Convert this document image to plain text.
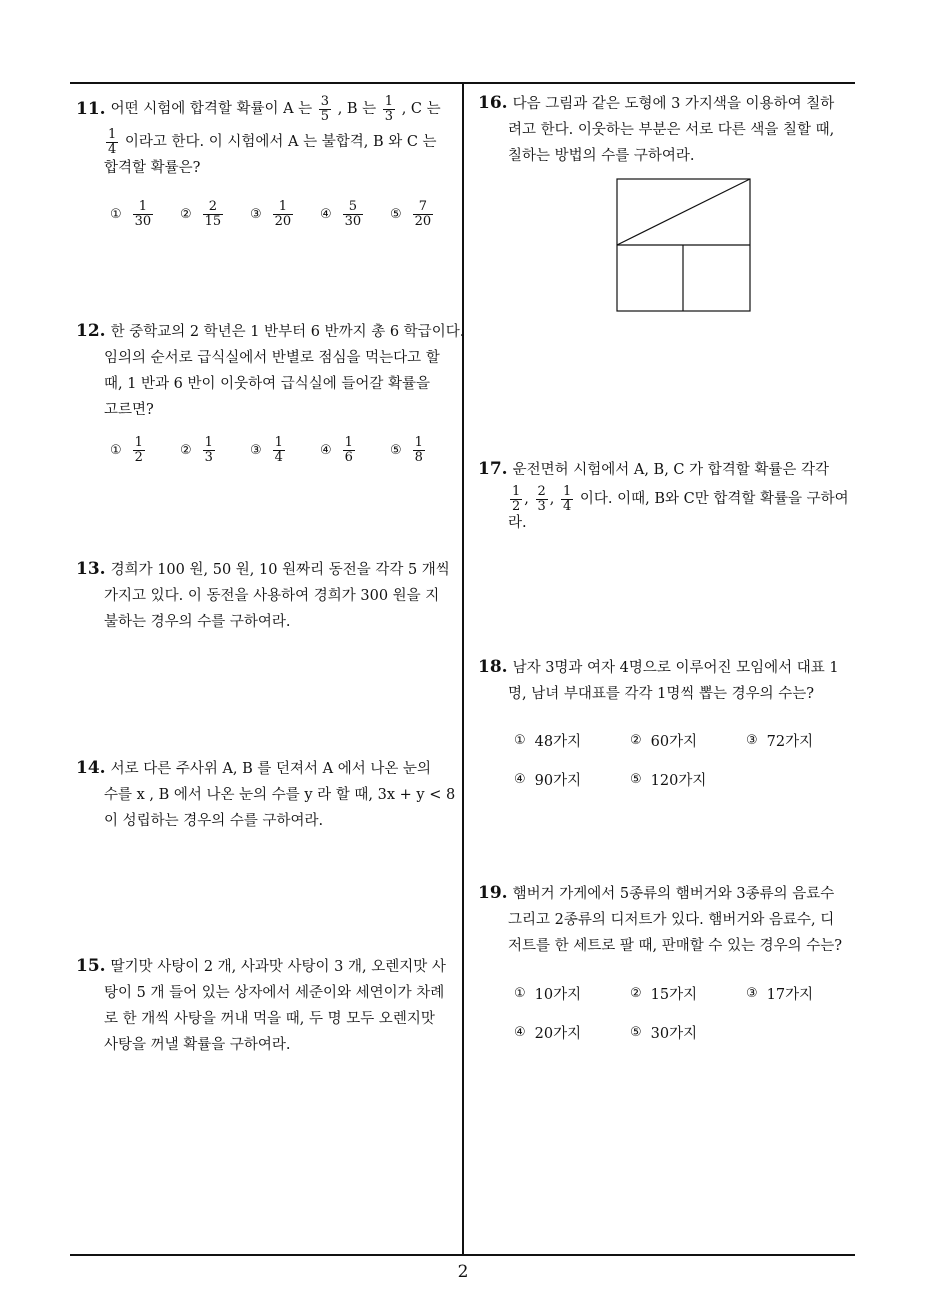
11. 어떤 시험에 합격할 확률이 A 는
$\frac{3}{5}$
, B 는
$\frac{1}{3}$
, C 는
$\frac{1}{4}$
이라고 한다. 이 시험에서 A 는 불합격, B 와 C 는
합격할 확률은?
① $\frac{1}{30}$ ② $\frac{2}{15}$ ③ $\frac{1}{20}$ ④ $\frac{5}{30}$ ⑤ $\frac{7}{20}$
12. 한 중학교의 2 학년은 1 반부터 6 반까지 총 6 학급이다.
임의의 순서로 급식실에서 반별로 점심을 먹는다고 할
때, 1 반과 6 반이 이웃하여 급식실에 들어갈 확률을
고르면?
① $\frac{1}{2}$	② $\frac{1}{3}$	③ $\frac{1}{4}$	④ $\frac{1}{6}$	⑤ $\frac{1}{8}$
13. 경희가 100 원, 50 원, 10 원짜리 동전을 각각 5 개씩
가지고 있다. 이 동전을 사용하여 경희가 300 원을 지
불하는 경우의 수를 구하여라.
14. 서로 다른 주사위 A, B 를 던져서 A 에서 나온 눈의
수를 x , B 에서 나온 눈의 수를 y 라 할 때, 3x + y < 8
이 성립하는 경우의 수를 구하여라.
15. 딸기맛 사탕이 2 개, 사과맛 사탕이 3 개, 오렌지맛 사
탕이 5 개 들어 있는 상자에서 세준이와 세연이가 차례
로 한 개씩 사탕을 꺼내 먹을 때, 두 명 모두 오렌지맛
사탕을 꺼낼 확률을 구하여라.
16. 다음 그림과 같은 도형에 3 가지색을 이용하여 칠하
려고 한다. 이웃하는 부분은 서로 다른 색을 칠할 때,
칠하는 방법의 수를 구하여라.
17. 운전면허 시험에서 A, B, C 가 합격할 확률은 각각
$\frac{1}{2}$ , $\frac{2}{3}$ , $\frac{1}{4}$
이다. 이때, B와 C만 합격할 확률을 구하여
라.
18. 남자 3명과 여자 4명으로 이루어진 모임에서 대표 1
명, 남녀 부대표를 각각 1명씩 뽑는 경우의 수는?
① 48가지	② 60가지	③ 72가지
④ 90가지	⑤ 120가지
19. 햄버거 가게에서 5종류의 햄버거와 3종류의 음료수
그리고 2종류의 디저트가 있다. 햄버거와 음료수, 디
저트를 한 세트로 팔 때, 판매할 수 있는 경우의 수는?
① 10가지	② 15가지	③ 17가지
④ 20가지	⑤ 30가지
2
